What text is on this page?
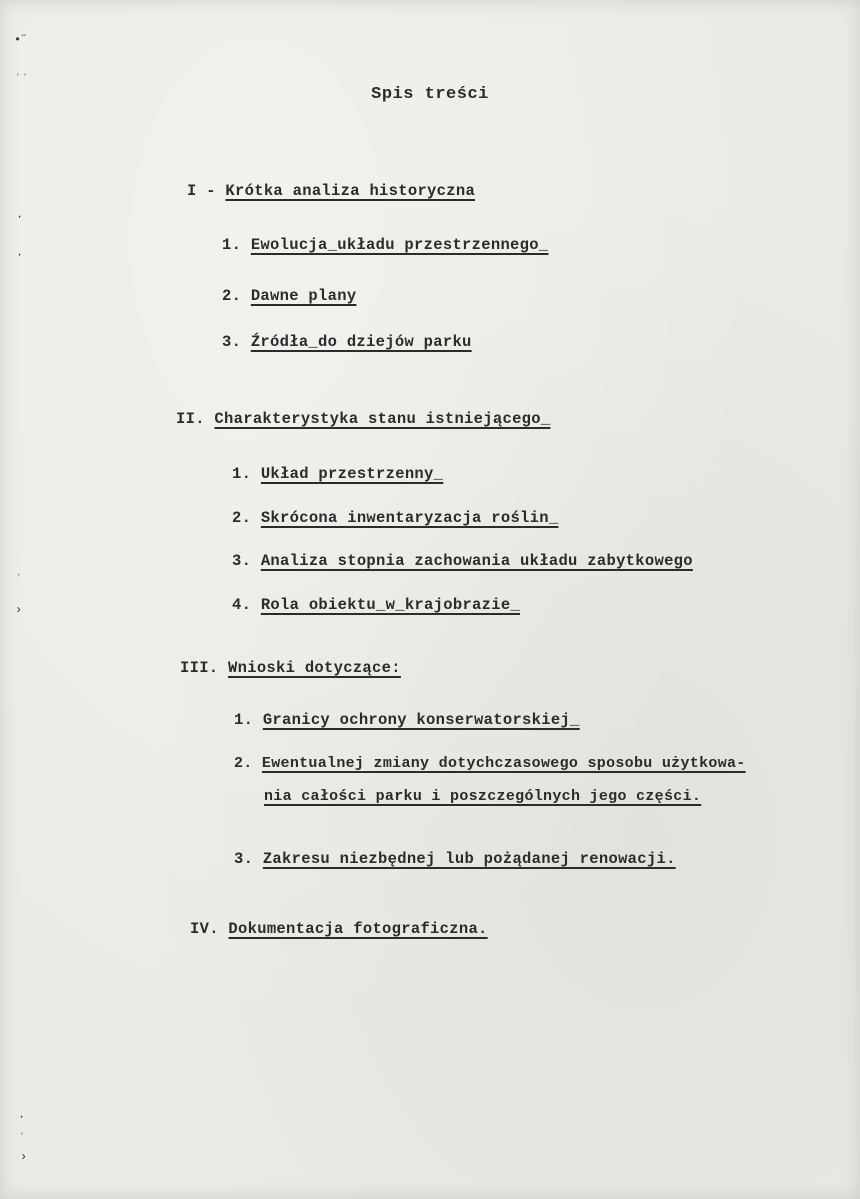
•˝
˒˒
·
·
˒
›
·
˒
›
Spis treści
I - Krótka analiza historyczna
1. Ewolucja_układu przestrzennego_
2. Dawne plany
3. Źródła_do dziejów parku
II. Charakterystyka stanu istniejącego_
1. Układ przestrzenny_
2. Skrócona inwentaryzacja roślin_
3. Analiza stopnia zachowania układu zabytkowego
4. Rola obiektu_w_krajobrazie_
III. Wnioski dotyczące:
1. Granicy ochrony konserwatorskiej_
2. Ewentualnej zmiany dotychczasowego sposobu użytkowa-
nia całości parku i poszczególnych jego części.
3. Zakresu niezbędnej lub pożądanej renowacji.
IV. Dokumentacja fotograficzna.
